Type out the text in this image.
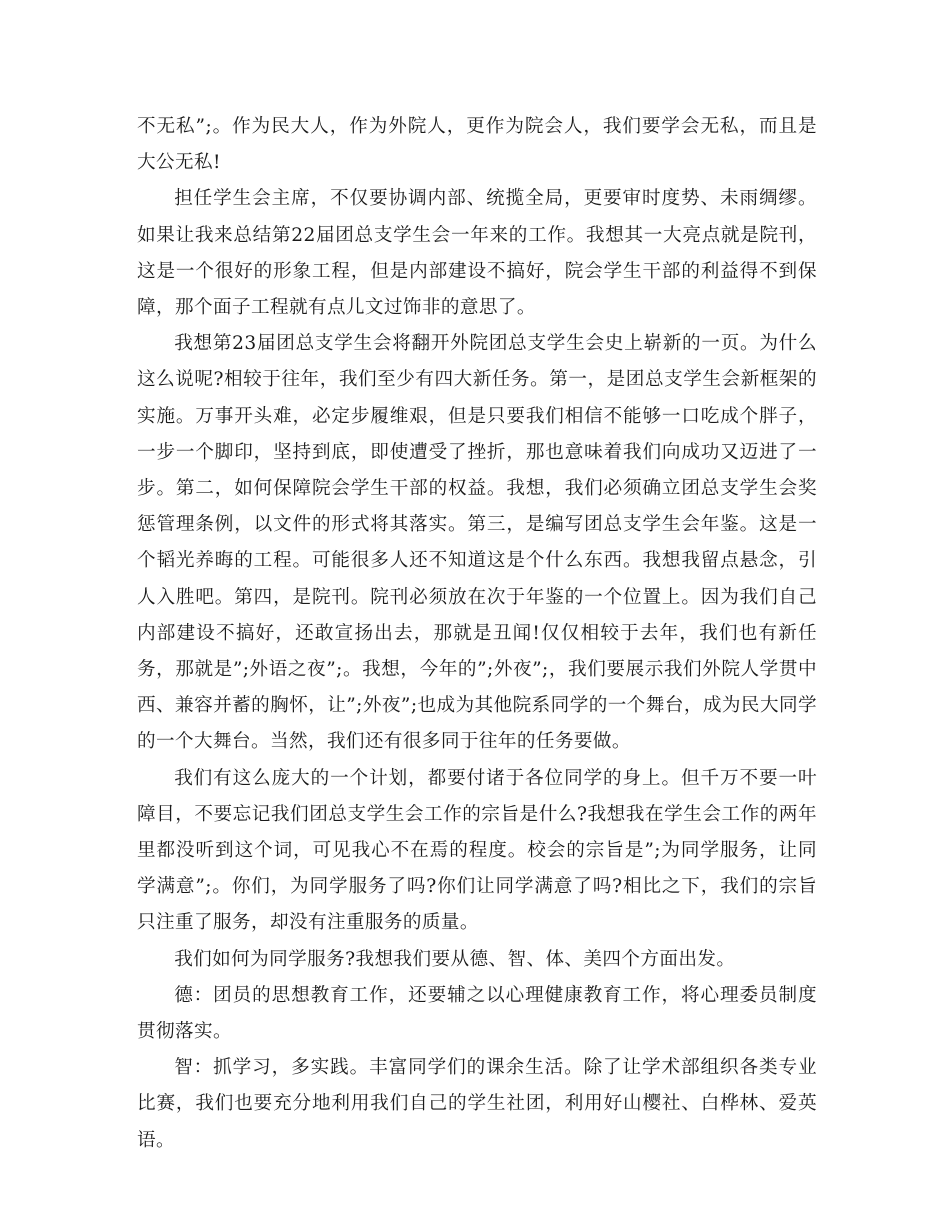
不无私”;。作为民大人，作为外院人，更作为院会人，我们要学会无私，而且是大公无私!

担任学生会主席，不仅要协调内部、统揽全局，更要审时度势、未雨绸缪。如果让我来总结第22届团总支学生会一年来的工作。我想其一大亮点就是院刊，这是一个很好的形象工程，但是内部建设不搞好，院会学生干部的利益得不到保障，那个面子工程就有点儿文过饰非的意思了。

我想第23届团总支学生会将翻开外院团总支学生会史上崭新的一页。为什么这么说呢?相较于往年，我们至少有四大新任务。第一，是团总支学生会新框架的实施。万事开头难，必定步履维艰，但是只要我们相信不能够一口吃成个胖子，一步一个脚印，坚持到底，即使遭受了挫折，那也意味着我们向成功又迈进了一步。第二，如何保障院会学生干部的权益。我想，我们必须确立团总支学生会奖惩管理条例，以文件的形式将其落实。第三，是编写团总支学生会年鉴。这是一个韬光养晦的工程。可能很多人还不知道这是个什么东西。我想我留点悬念，引人入胜吧。第四，是院刊。院刊必须放在次于年鉴的一个位置上。因为我们自己内部建设不搞好，还敢宣扬出去，那就是丑闻!仅仅相较于去年，我们也有新任务，那就是”;外语之夜”;。我想，今年的”;外夜”;，我们要展示我们外院人学贯中西、兼容并蓄的胸怀，让”;外夜”;也成为其他院系同学的一个舞台，成为民大同学的一个大舞台。当然，我们还有很多同于往年的任务要做。

我们有这么庞大的一个计划，都要付诸于各位同学的身上。但千万不要一叶障目，不要忘记我们团总支学生会工作的宗旨是什么?我想我在学生会工作的两年里都没听到这个词，可见我心不在焉的程度。校会的宗旨是”;为同学服务，让同学满意”;。你们，为同学服务了吗?你们让同学满意了吗?相比之下，我们的宗旨只注重了服务，却没有注重服务的质量。

我们如何为同学服务?我想我们要从德、智、体、美四个方面出发。

德：团员的思想教育工作，还要辅之以心理健康教育工作，将心理委员制度贯彻落实。

智：抓学习，多实践。丰富同学们的课余生活。除了让学术部组织各类专业比赛，我们也要充分地利用我们自己的学生社团，利用好山樱社、白桦林、爱英语。
